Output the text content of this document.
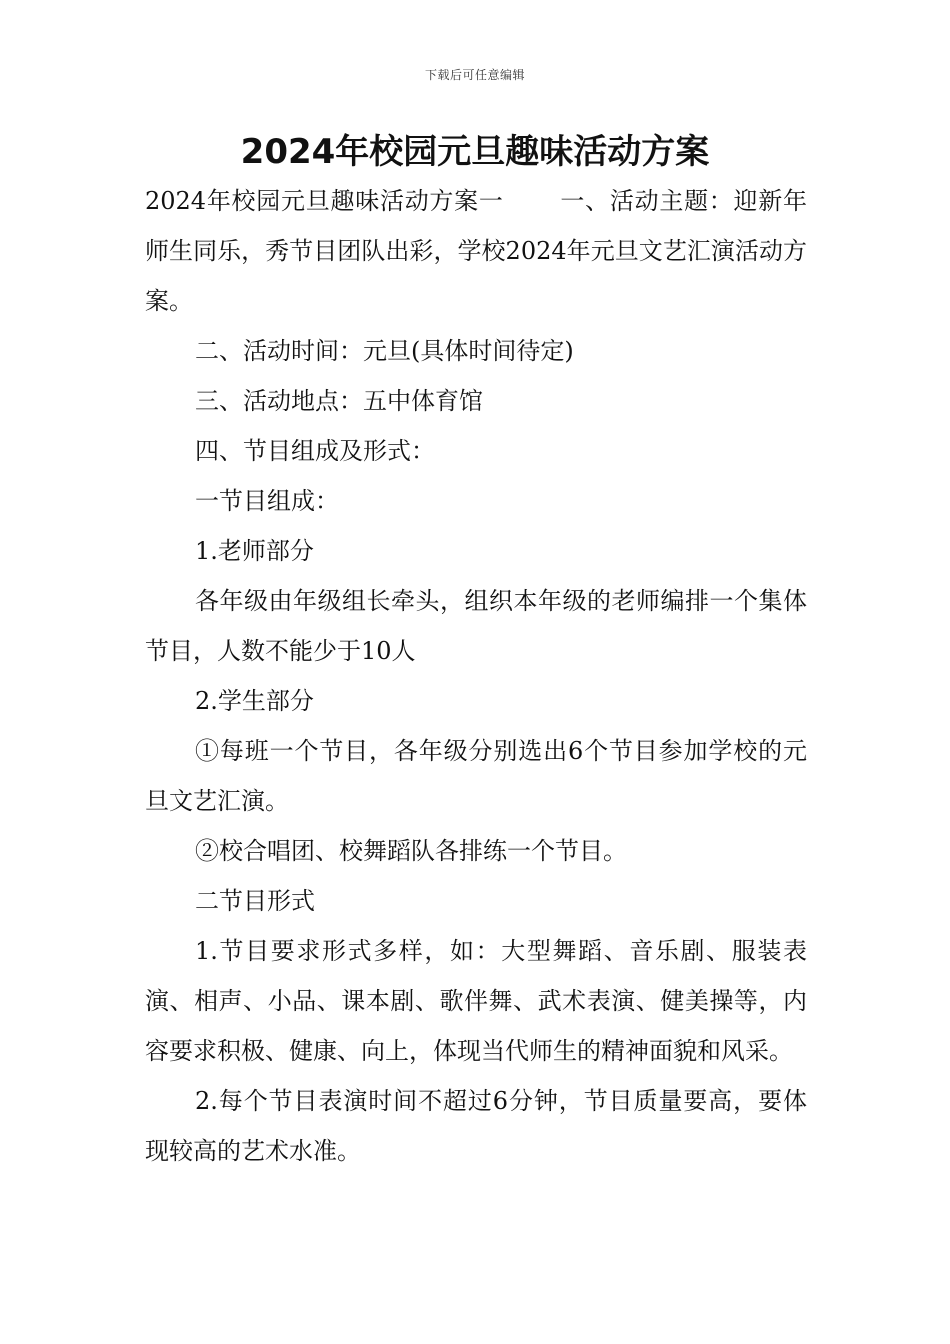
下载后可任意编辑
2024年校园元旦趣味活动方案

2024年校园元旦趣味活动方案一 一、活动主题：迎新年师生同乐，秀节目团队出彩，学校2024年元旦文艺汇演活动方案。

二、活动时间：元旦(具体时间待定)

三、活动地点：五中体育馆

四、节目组成及形式：

一节目组成：

1.老师部分

各年级由年级组长牵头，组织本年级的老师编排一个集体节目，人数不能少于10人

2.学生部分

①每班一个节目，各年级分别选出6个节目参加学校的元旦文艺汇演。

②校合唱团、校舞蹈队各排练一个节目。

二节目形式

1.节目要求形式多样，如：大型舞蹈、音乐剧、服装表演、相声、小品、课本剧、歌伴舞、武术表演、健美操等，内容要求积极、健康、向上，体现当代师生的精神面貌和风采。

2.每个节目表演时间不超过6分钟，节目质量要高，要体现较高的艺术水准。
